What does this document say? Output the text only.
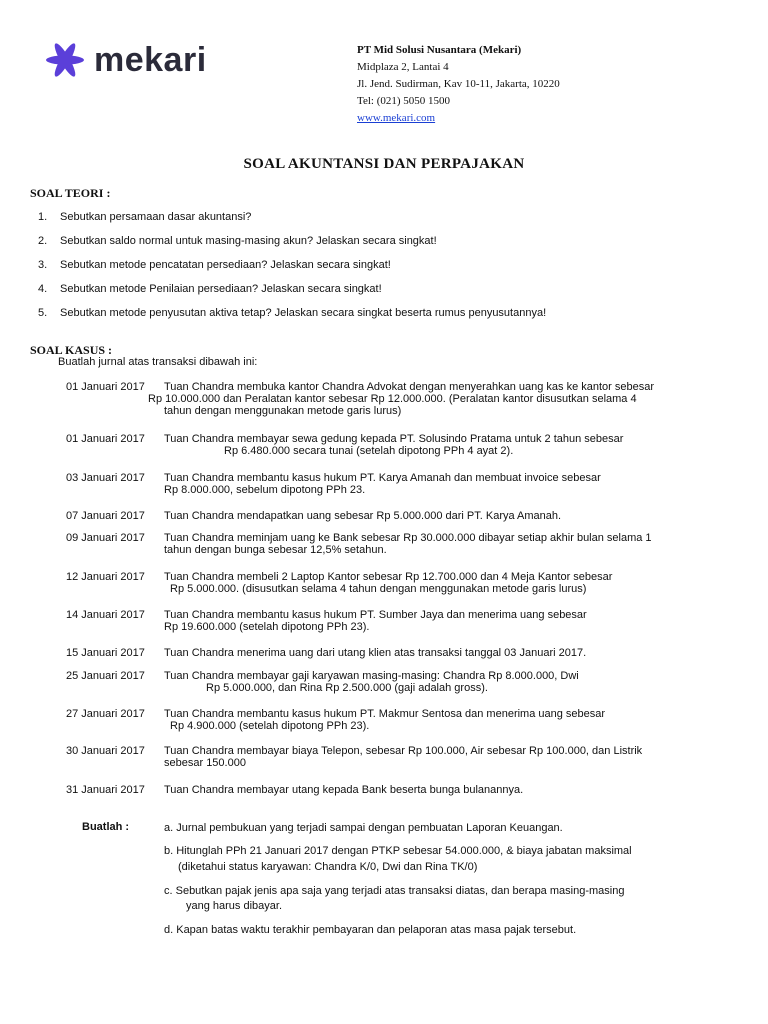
mekari	PT Mid Solusi Nusantara (Mekari)
Midplaza 2, Lantai 4
Jl. Jend. Sudirman, Kav 10-11, Jakarta, 10220
Tel: (021) 5050 1500
www.mekari.com
SOAL AKUNTANSI DAN PERPAJAKAN
SOAL TEORI :
1.	Sebutkan persamaan dasar akuntansi?
2.	Sebutkan saldo normal untuk masing-masing akun? Jelaskan secara singkat!
3.	Sebutkan metode pencatatan persediaan? Jelaskan secara singkat!
4.	Sebutkan metode Penilaian persediaan? Jelaskan secara singkat!
5.	Sebutkan metode penyusutan aktiva tetap? Jelaskan secara singkat beserta rumus penyusutannya!
SOAL KASUS :
Buatlah jurnal atas transaksi dibawah ini:
01 Januari 2017	Tuan Chandra membuka kantor Chandra Advokat dengan menyerahkan uang kas ke kantor sebesar
Rp 10.000.000 dan Peralatan kantor sebesar Rp 12.000.000. (Peralatan kantor disusutkan selama 4
tahun dengan menggunakan metode garis lurus)
01 Januari 2017	Tuan Chandra membayar sewa gedung kepada PT. Solusindo Pratama untuk 2 tahun sebesar
Rp 6.480.000 secara tunai (setelah dipotong PPh 4 ayat 2).
03 Januari 2017	Tuan Chandra membantu kasus hukum PT. Karya Amanah dan membuat invoice sebesar
Rp 8.000.000, sebelum dipotong PPh 23.
07 Januari 2017	Tuan Chandra mendapatkan uang sebesar Rp 5.000.000 dari PT. Karya Amanah.
09 Januari 2017	Tuan Chandra meminjam uang ke Bank sebesar Rp 30.000.000 dibayar setiap akhir bulan selama 1
tahun dengan bunga sebesar 12,5% setahun.
12 Januari 2017	Tuan Chandra membeli 2 Laptop Kantor sebesar Rp 12.700.000 dan 4 Meja Kantor sebesar
Rp 5.000.000. (disusutkan selama 4 tahun dengan menggunakan metode garis lurus)
14 Januari 2017	Tuan Chandra membantu kasus hukum PT. Sumber Jaya dan menerima uang sebesar
Rp 19.600.000 (setelah dipotong PPh 23).
15 Januari 2017	Tuan Chandra menerima uang dari utang klien atas transaksi tanggal 03 Januari 2017.
25 Januari 2017	Tuan Chandra membayar gaji karyawan masing-masing: Chandra Rp 8.000.000, Dwi
Rp 5.000.000, dan Rina Rp 2.500.000 (gaji adalah gross).
27 Januari 2017	Tuan Chandra membantu kasus hukum PT. Makmur Sentosa dan menerima uang sebesar
Rp 4.900.000 (setelah dipotong PPh 23).
30 Januari 2017	Tuan Chandra membayar biaya Telepon, sebesar Rp 100.000, Air sebesar Rp 100.000, dan Listrik
sebesar 150.000
31 Januari 2017	Tuan Chandra membayar utang kepada Bank beserta bunga bulanannya.
Buatlah :	a. Jurnal pembukuan yang terjadi sampai dengan pembuatan Laporan Keuangan.
b. Hitunglah PPh 21 Januari 2017 dengan PTKP sebesar 54.000.000, & biaya jabatan maksimal
(diketahui status karyawan: Chandra K/0, Dwi dan Rina TK/0)
c. Sebutkan pajak jenis apa saja yang terjadi atas transaksi diatas, dan berapa masing-masing
yang harus dibayar.
d. Kapan batas waktu terakhir pembayaran dan pelaporan atas masa pajak tersebut.
